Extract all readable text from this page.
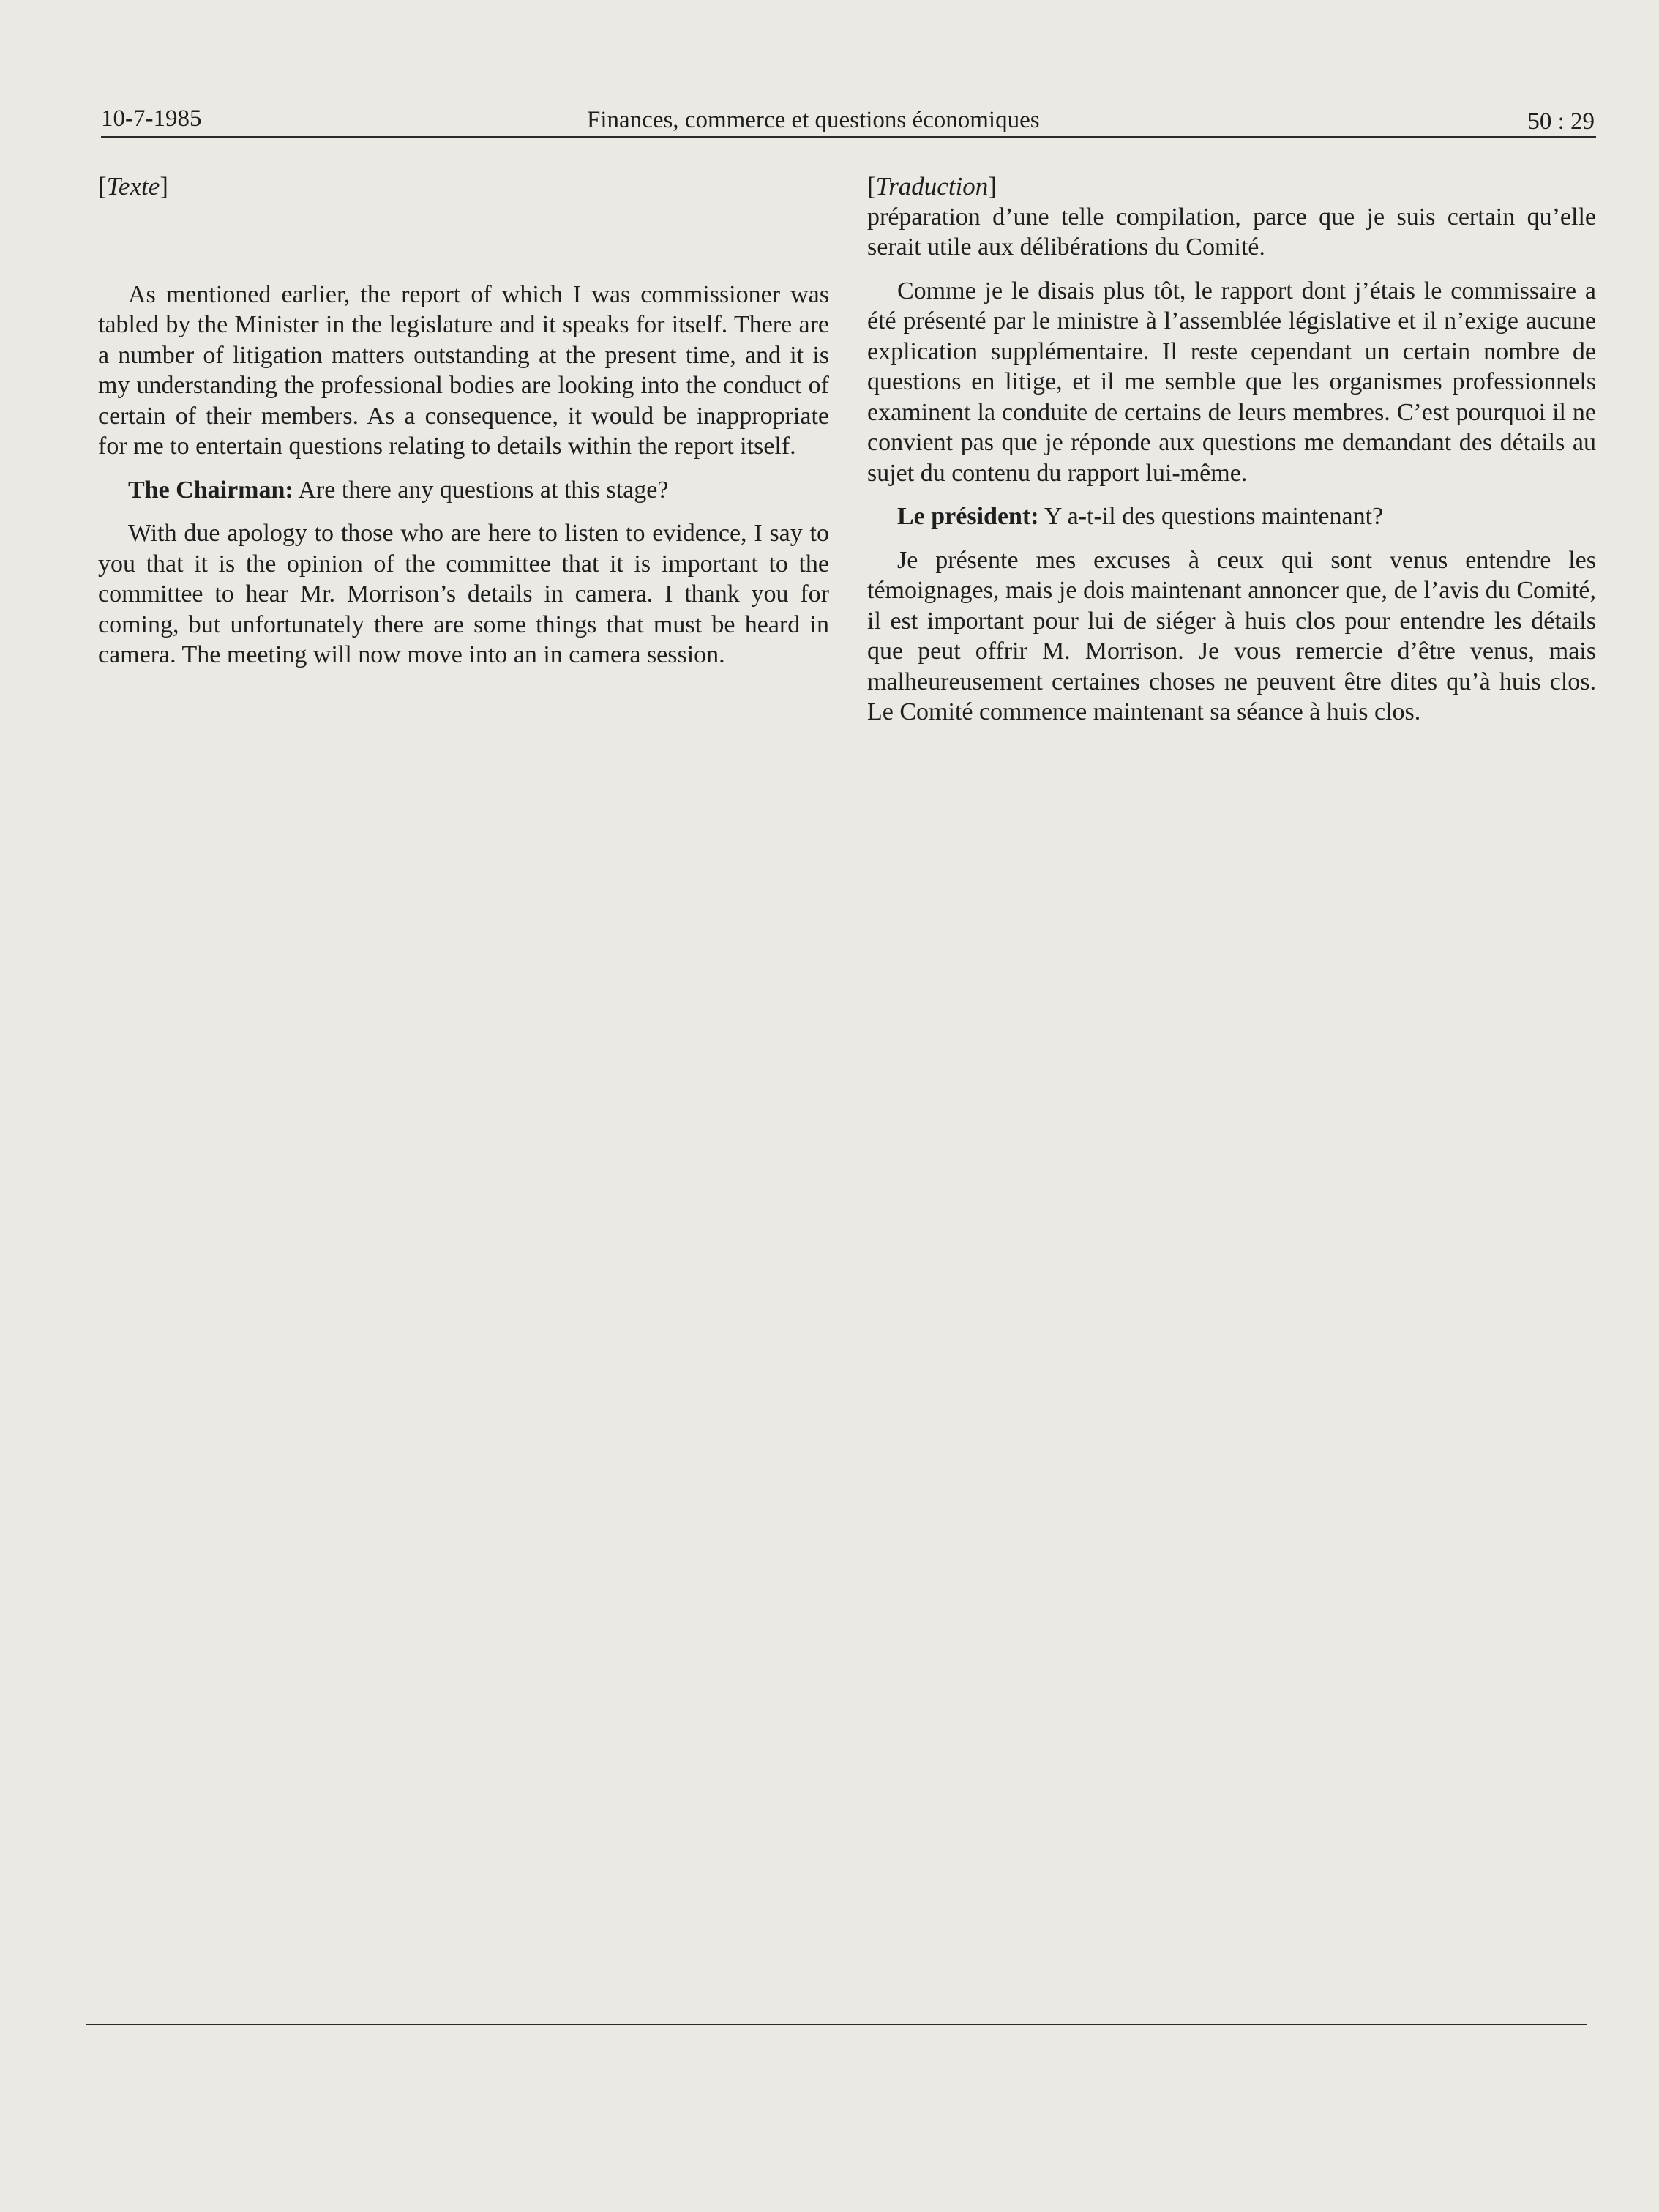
10-7-1985	Finances, commerce et questions économiques	50 : 29
[Texte]

As mentioned earlier, the report of which I was commissioner was tabled by the Minister in the legislature and it speaks for itself. There are a number of litigation matters outstanding at the present time, and it is my understanding the professional bodies are looking into the conduct of certain of their members. As a consequence, it would be inappropriate for me to entertain questions relating to details within the report itself.

The Chairman: Are there any questions at this stage?

With due apology to those who are here to listen to evidence, I say to you that it is the opinion of the committee that it is important to the committee to hear Mr. Morrison’s details in camera. I thank you for coming, but unfortunately there are some things that must be heard in camera. The meeting will now move into an in camera session.

[Traduction]

préparation d’une telle compilation, parce que je suis certain qu’elle serait utile aux délibérations du Comité.

Comme je le disais plus tôt, le rapport dont j’étais le commissaire a été présenté par le ministre à l’assemblée législative et il n’exige aucune explication supplémentaire. Il reste cependant un certain nombre de questions en litige, et il me semble que les organismes professionnels examinent la conduite de certains de leurs membres. C’est pourquoi il ne convient pas que je réponde aux questions me demandant des détails au sujet du contenu du rapport lui-même.

Le président: Y a-t-il des questions maintenant?

Je présente mes excuses à ceux qui sont venus entendre les témoignages, mais je dois maintenant annoncer que, de l’avis du Comité, il est important pour lui de siéger à huis clos pour entendre les détails que peut offrir M. Morrison. Je vous remercie d’être venus, mais malheureusement certaines choses ne peuvent être dites qu’à huis clos. Le Comité commence maintenant sa séance à huis clos.
